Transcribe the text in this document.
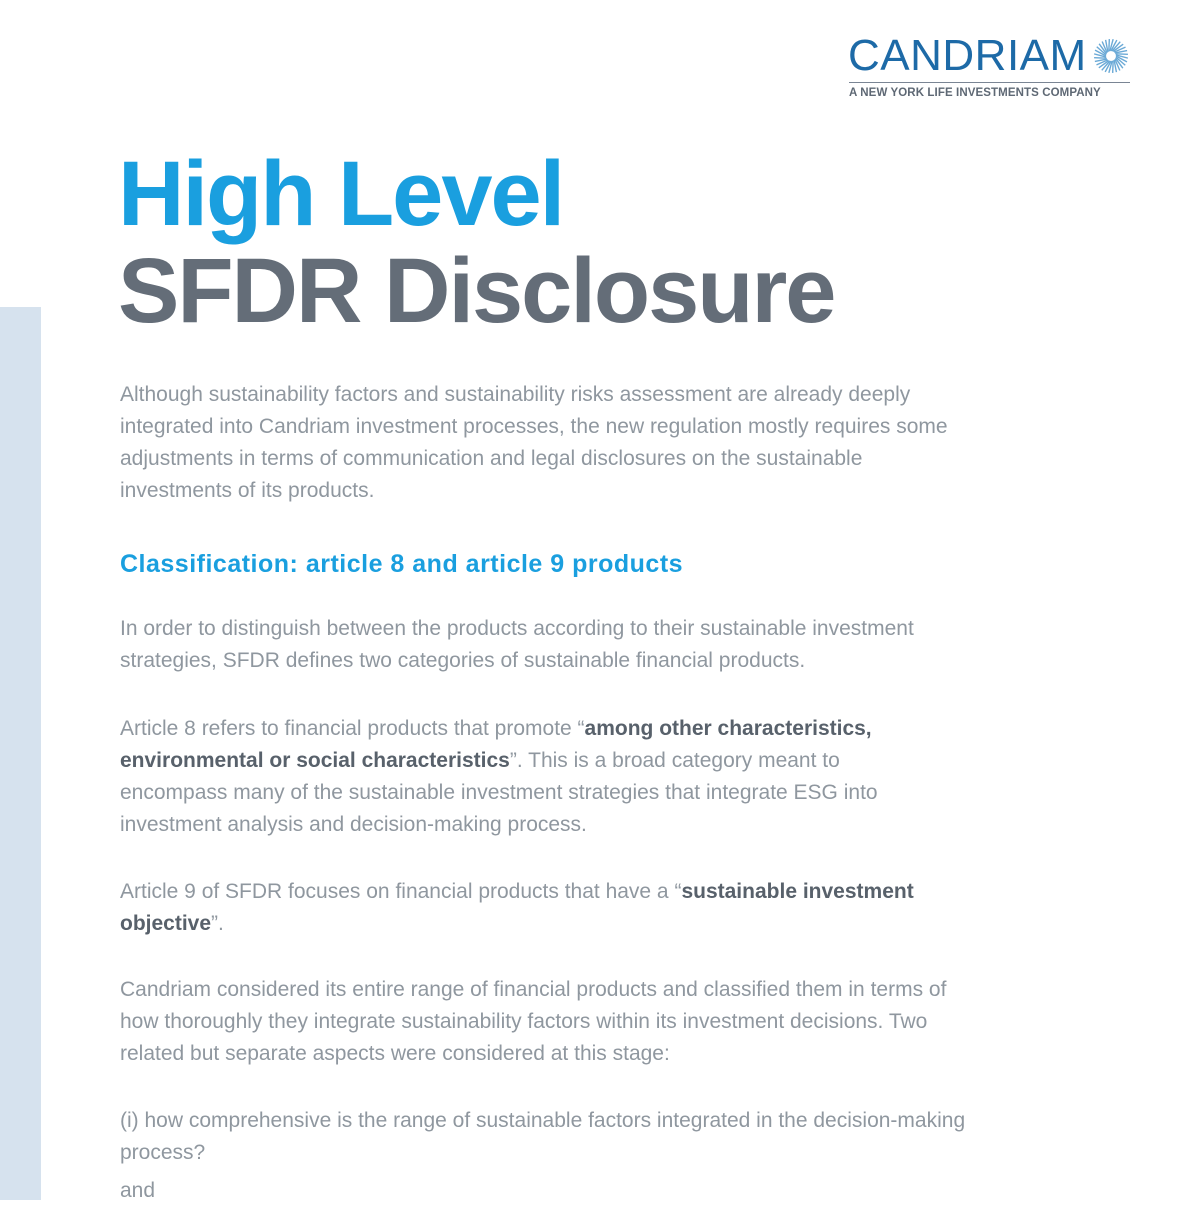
CANDRIAM
A NEW YORK LIFE INVESTMENTS COMPANY
High Level
SFDR Disclosure

Although sustainability factors and sustainability risks assessment are already deeply integrated into Candriam investment processes, the new regulation mostly requires some adjustments in terms of communication and legal disclosures on the sustainable investments of its products.

Classification: article 8 and article 9 products

In order to distinguish between the products according to their sustainable investment strategies, SFDR defines two categories of sustainable financial products.

Article 8 refers to financial products that promote “among other characteristics, environmental or social characteristics”. This is a broad category meant to encompass many of the sustainable investment strategies that integrate ESG into investment analysis and decision-making process.

Article 9 of SFDR focuses on financial products that have a “sustainable investment objective”.

Candriam considered its entire range of financial products and classified them in terms of how thoroughly they integrate sustainability factors within its investment decisions. Two related but separate aspects were considered at this stage:

(i) how comprehensive is the range of sustainable factors integrated in the decision-making process?

and
